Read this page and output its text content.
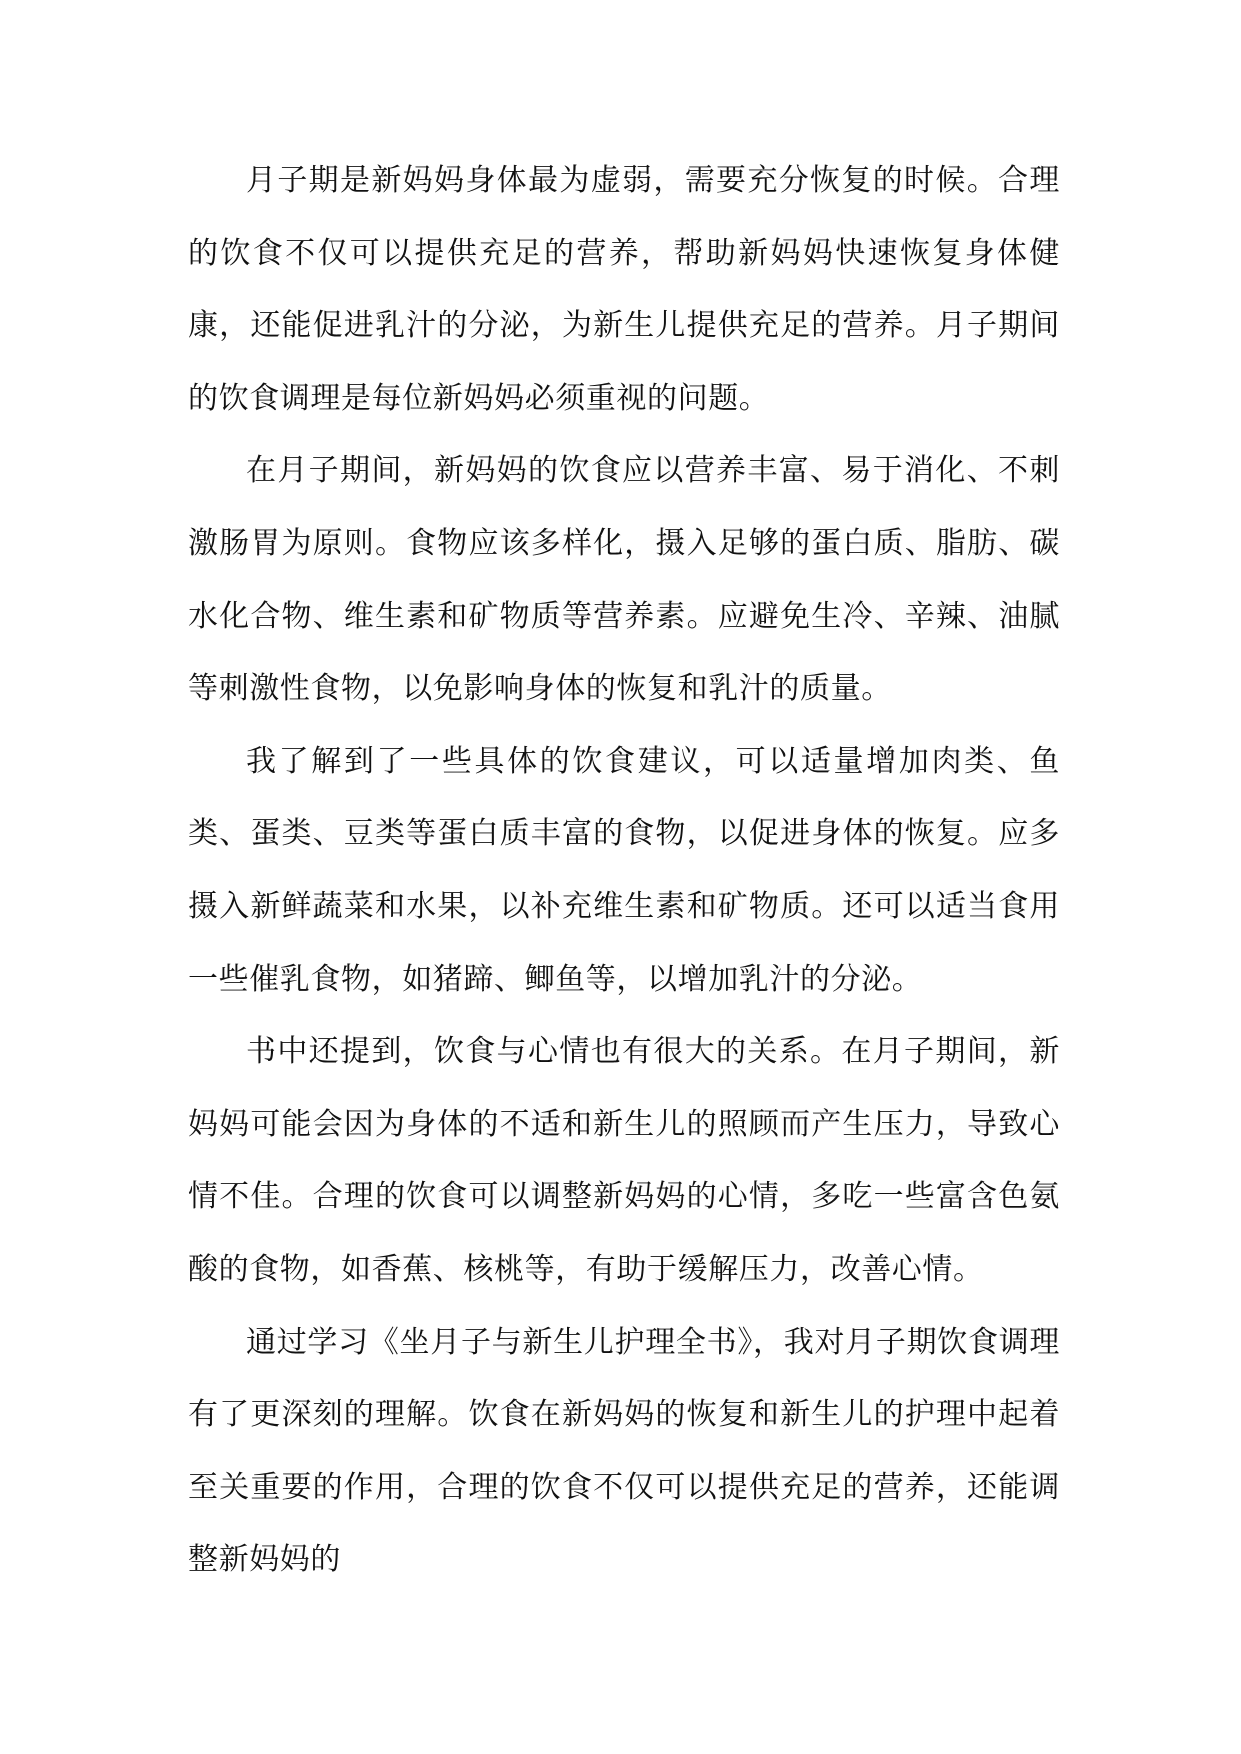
月子期是新妈妈身体最为虚弱，需要充分恢复的时候。合理的饮食不仅可以提供充足的营养，帮助新妈妈快速恢复身体健康，还能促进乳汁的分泌，为新生儿提供充足的营养。月子期间的饮食调理是每位新妈妈必须重视的问题。

在月子期间，新妈妈的饮食应以营养丰富、易于消化、不刺激肠胃为原则。食物应该多样化，摄入足够的蛋白质、脂肪、碳水化合物、维生素和矿物质等营养素。应避免生冷、辛辣、油腻等刺激性食物，以免影响身体的恢复和乳汁的质量。

我了解到了一些具体的饮食建议，可以适量增加肉类、鱼类、蛋类、豆类等蛋白质丰富的食物，以促进身体的恢复。应多摄入新鲜蔬菜和水果，以补充维生素和矿物质。还可以适当食用一些催乳食物，如猪蹄、鲫鱼等，以增加乳汁的分泌。

书中还提到，饮食与心情也有很大的关系。在月子期间，新妈妈可能会因为身体的不适和新生儿的照顾而产生压力，导致心情不佳。合理的饮食可以调整新妈妈的心情，多吃一些富含色氨酸的食物，如香蕉、核桃等，有助于缓解压力，改善心情。

通过学习《坐月子与新生儿护理全书》，我对月子期饮食调理有了更深刻的理解。饮食在新妈妈的恢复和新生儿的护理中起着至关重要的作用，合理的饮食不仅可以提供充足的营养，还能调整新妈妈的
